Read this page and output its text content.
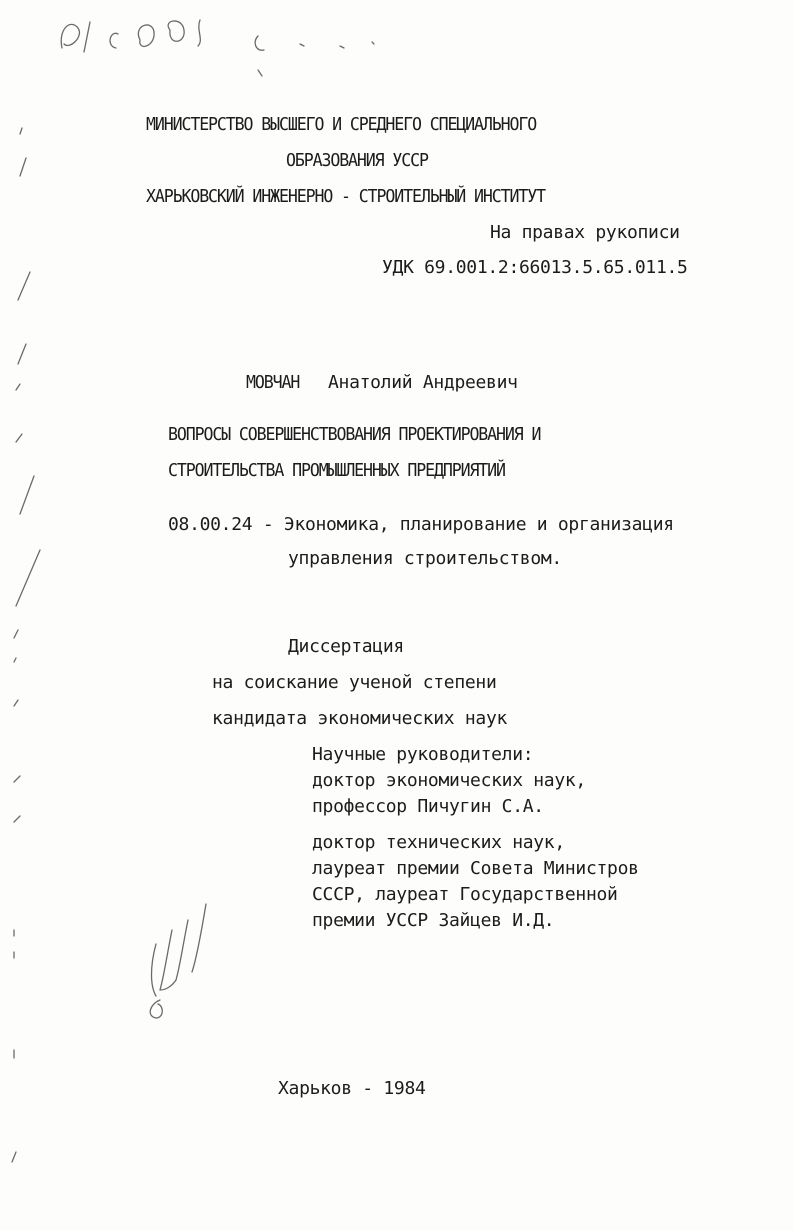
МИНИСТЕРСТВО ВЫСШЕГО И СРЕДНЕГО СПЕЦИАЛЬНОГО
ОБРАЗОВАНИЯ УССР
ХАРЬКОВСКИЙ ИНЖЕНЕРНО - СТРОИТЕЛЬНЫЙ ИНСТИТУТ
На правах рукописи
УДК 69.001.2:66013.5.65.011.5
МОВЧАН Анатолий Андреевич
ВОПРОСЫ СОВЕРШЕНСТВОВАНИЯ ПРОЕКТИРОВАНИЯ И
СТРОИТЕЛЬСТВА ПРОМЫШЛЕННЫХ ПРЕДПРИЯТИЙ
08.00.24 - Экономика, планирование и организация
управления строительством.
Диссертация
на соискание ученой степени
кандидата экономических наук
Научные руководители:
доктор экономических наук,
профессор Пичугин С.А.
доктор технических наук,
лауреат премии Совета Министров
СССР, лауреат Государственной
премии УССР Зайцев И.Д.
Харьков - 1984
